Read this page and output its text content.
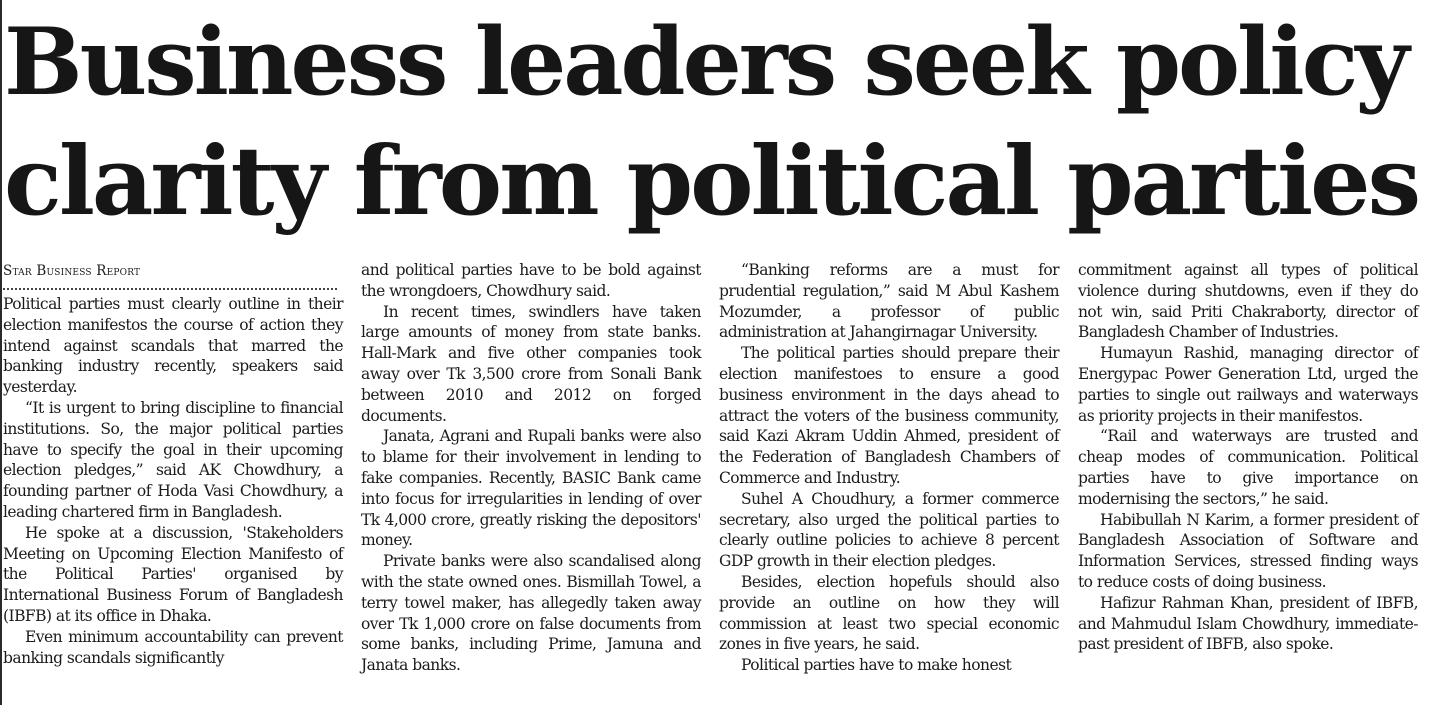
Business leaders seek policy
clarity from political parties
Star Business Report

Political parties must clearly outline in their election manifestos the course of action they intend against scandals that marred the banking industry recently, speakers said yesterday.

“It is urgent to bring discipline to financial institutions. So, the major political parties have to specify the goal in their upcoming election pledges,” said AK Chowdhury, a founding partner of Hoda Vasi Chowdhury, a leading chartered firm in Bangladesh.

He spoke at a discussion, 'Stakeholders Meeting on Upcoming Election Manifesto of the Political Parties' organised by International Business Forum of Bangladesh (IBFB) at its office in Dhaka.

Even minimum accountability can prevent banking scandals significantly

and political parties have to be bold against the wrongdoers, Chowdhury said.

In recent times, swindlers have taken large amounts of money from state banks. Hall-Mark and five other companies took away over Tk 3,500 crore from Sonali Bank between 2010 and 2012 on forged documents.

Janata, Agrani and Rupali banks were also to blame for their involvement in lending to fake companies. Recently, BASIC Bank came into focus for irregularities in lending of over Tk 4,000 crore, greatly risking the depositors' money.

Private banks were also scandalised along with the state owned ones. Bismillah Towel, a terry towel maker, has allegedly taken away over Tk 1,000 crore on false documents from some banks, including Prime, Jamuna and Janata banks.

“Banking reforms are a must for prudential regulation,” said M Abul Kashem Mozumder, a professor of public administration at Jahangirnagar University.

The political parties should prepare their election manifestoes to ensure a good business environment in the days ahead to attract the voters of the business community, said Kazi Akram Uddin Ahmed, president of the Federation of Bangladesh Chambers of Commerce and Industry.

Suhel A Choudhury, a former commerce secretary, also urged the political parties to clearly outline policies to achieve 8 percent GDP growth in their election pledges.

Besides, election hopefuls should also provide an outline on how they will commission at least two special economic zones in five years, he said.

Political parties have to make honest

commitment against all types of political violence during shutdowns, even if they do not win, said Priti Chakraborty, director of Bangladesh Chamber of Industries.

Humayun Rashid, managing director of Energypac Power Generation Ltd, urged the parties to single out railways and waterways as priority projects in their manifestos.

“Rail and waterways are trusted and cheap modes of communication. Political parties have to give importance on modernising the sectors,” he said.

Habibullah N Karim, a former president of Bangladesh Association of Software and Information Services, stressed finding ways to reduce costs of doing business.

Hafizur Rahman Khan, president of IBFB, and Mahmudul Islam Chowdhury, immediate-past president of IBFB, also spoke.
